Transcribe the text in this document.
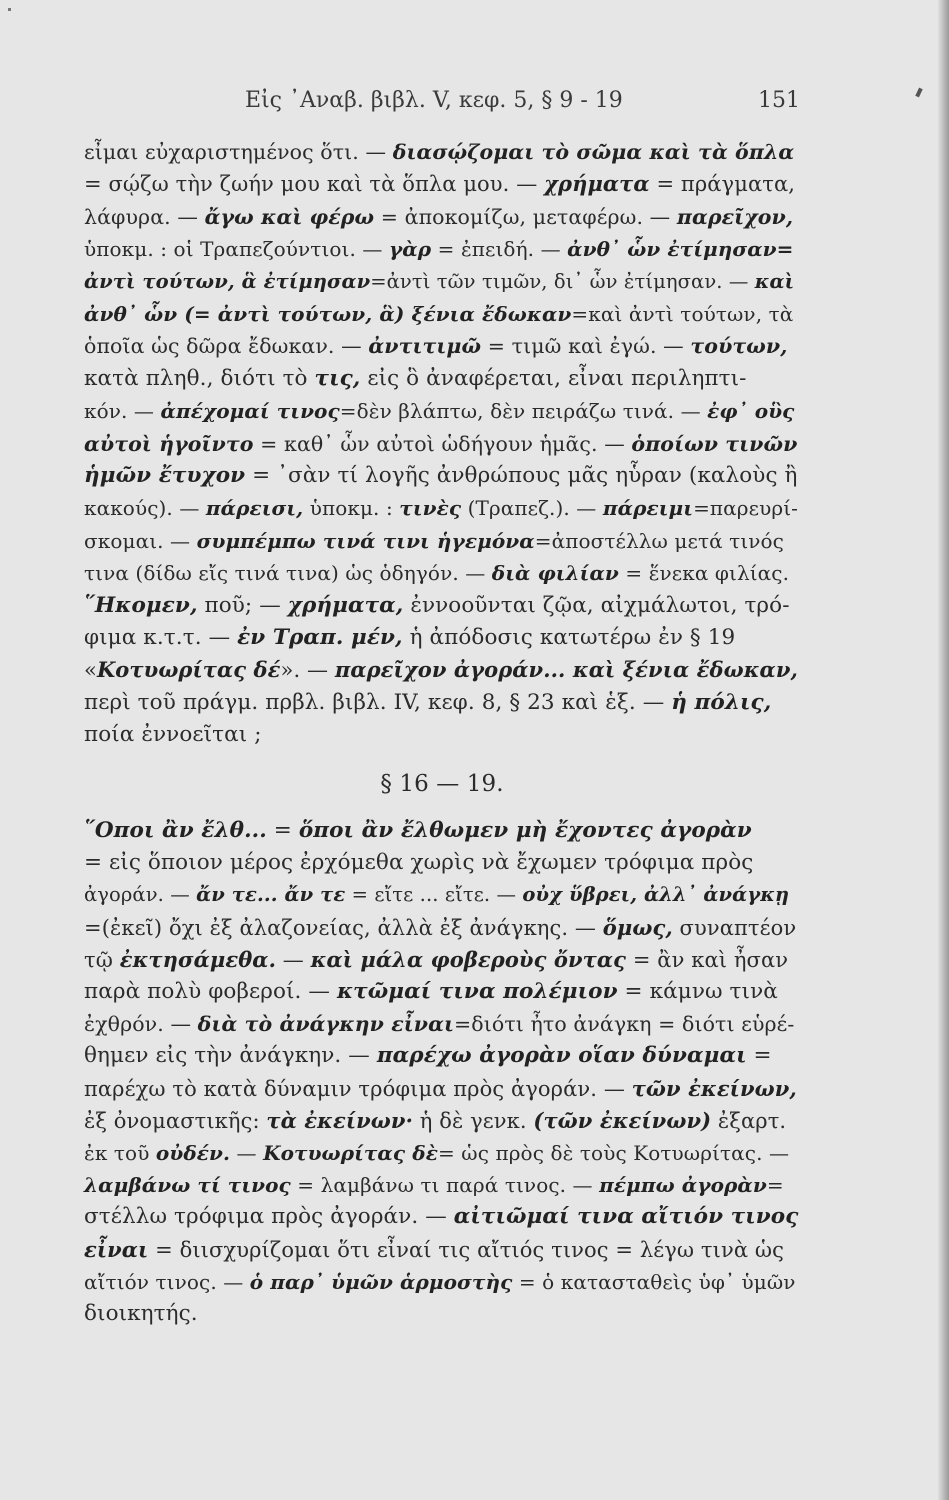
Εἰς ᾿Αναβ. βιβλ. V, κεφ. 5, § 9 - 19	151
εἶμαι εὐχαριστημένος ὅτι. — διασῴζομαι τὸ σῶμα καὶ τὰ ὅπλα
= σῴζω τὴν ζωήν μου καὶ τὰ ὅπλα μου. — χρήματα = πράγματα,
λάφυρα. — ἄγω καὶ φέρω = ἀποκομίζω, μεταφέρω. — παρεῖχον,
ὑποκμ. : οἱ Τραπεζούντιοι. — γὰρ = ἐπειδή. — ἀνθ᾿ ὧν ἐτίμησαν=
ἀντὶ τούτων, ἃ ἐτίμησαν=ἀντὶ τῶν τιμῶν, δι᾿ ὧν ἐτίμησαν. — καὶ
ἀνθ᾿ ὧν (= ἀντὶ τούτων, ἃ) ξένια ἔδωκαν=καὶ ἀντὶ τούτων, τὰ
ὁποῖα ὡς δῶρα ἔδωκαν. — ἀντιτιμῶ = τιμῶ καὶ ἐγώ. — τούτων,
κατὰ πληθ., διότι τὸ τις, εἰς ὃ ἀναφέρεται, εἶναι περιληπτι-
κόν. — ἀπέχομαί τινος=δὲν βλάπτω, δὲν πειράζω τινά. — ἐφ᾿ οὓς
αὐτοὶ ἡγοῖντο = καθ᾿ ὧν αὐτοὶ ὡδήγουν ἡμᾶς. — ὁποίων τινῶν
ἡμῶν ἔτυχον = ᾿σὰν τί λογῆς ἀνθρώπους μᾶς ηὗραν (καλοὺς ἢ
κακούς). — πάρεισι, ὑποκμ. : τινὲς (Τραπεζ.). — πάρειμι=παρευρί-
σκομαι. — συμπέμπω τινά τινι ἡγεμόνα=ἀποστέλλω μετά τινός
τινα (δίδω εἴς τινά τινα) ὡς ὁδηγόν. — διὰ φιλίαν = ἕνεκα φιλίας.
῞Ηκομεν, ποῦ; — χρήματα, ἐννοοῦνται ζῷα, αἰχμάλωτοι, τρό-
φιμα κ.τ.τ. — ἐν Τραπ. μέν, ἡ ἀπόδοσις κατωτέρω ἐν § 19
«Κοτυωρίτας δέ». — παρεῖχον ἀγοράν... καὶ ξένια ἔδωκαν,
περὶ τοῦ πράγμ. πρβλ. βιβλ. IV, κεφ. 8, § 23 καὶ ἑξ. — ἡ πόλις,
ποία ἐννοεῖται ;
§ 16 — 19.
῞Οποι ἂν ἔλθ... = ὅποι ἂν ἔλθωμεν μὴ ἔχοντες ἀγορὰν
= εἰς ὅποιον μέρος ἐρχόμεθα χωρὶς νὰ ἔχωμεν τρόφιμα πρὸς
ἀγοράν. — ἄν τε... ἄν τε = εἴτε ... εἴτε. — οὐχ ὕβρει, ἀλλ᾿ ἀνάγκῃ
=(ἐκεῖ) ὄχι ἐξ ἀλαζονείας, ἀλλὰ ἐξ ἀνάγκης. — ὅμως, συναπτέον
τῷ ἐκτησάμεθα. — καὶ μάλα φοβεροὺς ὄντας = ἂν καὶ ἦσαν
παρὰ πολὺ φοβεροί. — κτῶμαί τινα πολέμιον = κάμνω τινὰ
ἐχθρόν. — διὰ τὸ ἀνάγκην εἶναι=διότι ἦτο ἀνάγκη = διότι εὑρέ-
θημεν εἰς τὴν ἀνάγκην. — παρέχω ἀγορὰν οἵαν δύναμαι =
παρέχω τὸ κατὰ δύναμιν τρόφιμα πρὸς ἀγοράν. — τῶν ἐκείνων,
ἐξ ὀνομαστικῆς: τὰ ἐκείνων· ἡ δὲ γενκ. (τῶν ἐκείνων) ἐξαρτ.
ἐκ τοῦ οὐδέν. — Κοτυωρίτας δὲ= ὡς πρὸς δὲ τοὺς Κοτυωρίτας. —
λαμβάνω τί τινος = λαμβάνω τι παρά τινος. — πέμπω ἀγορὰν=
στέλλω τρόφιμα πρὸς ἀγοράν. — αἰτιῶμαί τινα αἴτιόν τινος
εἶναι = διισχυρίζομαι ὅτι εἶναί τις αἴτιός τινος = λέγω τινὰ ὡς
αἴτιόν τινος. — ὁ παρ᾿ ὑμῶν ἁρμοστὴς = ὁ κατασταθεὶς ὑφ᾿ ὑμῶν
διοικητής.
